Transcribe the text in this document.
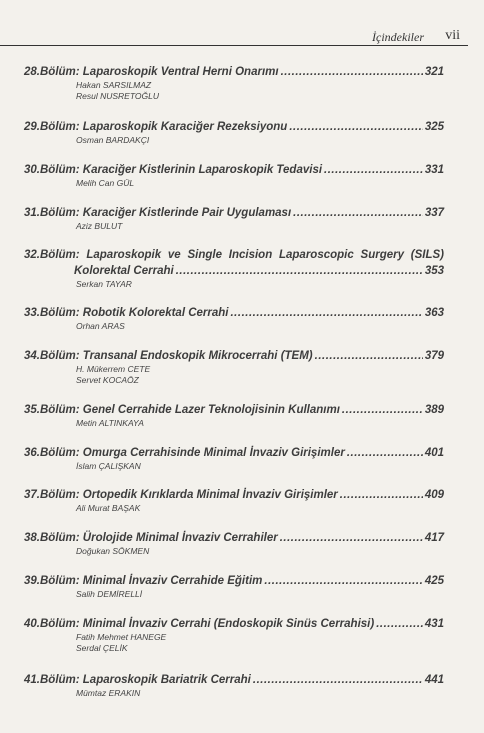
İçindekiler vii
28.Bölüm: Laparoskopik Ventral Herni Onarımı .....	321
Hakan SARSILMAZ
Resul NUSRETOĞLU
29.Bölüm: Laparoskopik Karaciğer Rezeksiyonu .....	325
Osman BARDAKÇI
30.Bölüm: Karaciğer Kistlerinin Laparoskopik Tedavisi .....	331
Melih Can GÜL
31.Bölüm: Karaciğer Kistlerinde Pair Uygulaması .....	337
Aziz BULUT
32.Bölüm: Laparoskopik ve Single Incision Laparoscopic Surgery (SILS)
Kolorektal Cerrahi .....	353
Serkan TAYAR
33.Bölüm: Robotik Kolorektal Cerrahi .....	363
Orhan ARAS
34.Bölüm: Transanal Endoskopik Mikrocerrahi (TEM) .....	379
H. Mükerrem CETE
Servet KOCAÖZ
35.Bölüm: Genel Cerrahide Lazer Teknolojisinin Kullanımı .....	389
Metin ALTINKAYA
36.Bölüm: Omurga Cerrahisinde Minimal İnvaziv Girişimler .....	401
İslam ÇALIŞKAN
37.Bölüm: Ortopedik Kırıklarda Minimal İnvaziv Girişimler .....	409
Ali Murat BAŞAK
38.Bölüm: Ürolojide Minimal İnvaziv Cerrahiler .....	417
Doğukan SÖKMEN
39.Bölüm: Minimal İnvaziv Cerrahide Eğitim .....	425
Salih DEMİRELLİ
40.Bölüm: Minimal İnvaziv Cerrahi (Endoskopik Sinüs Cerrahisi) .....	431
Fatih Mehmet HANEGE
Serdal ÇELİK
41.Bölüm: Laparoskopik Bariatrik Cerrahi .....	441
Mümtaz ERAKIN
